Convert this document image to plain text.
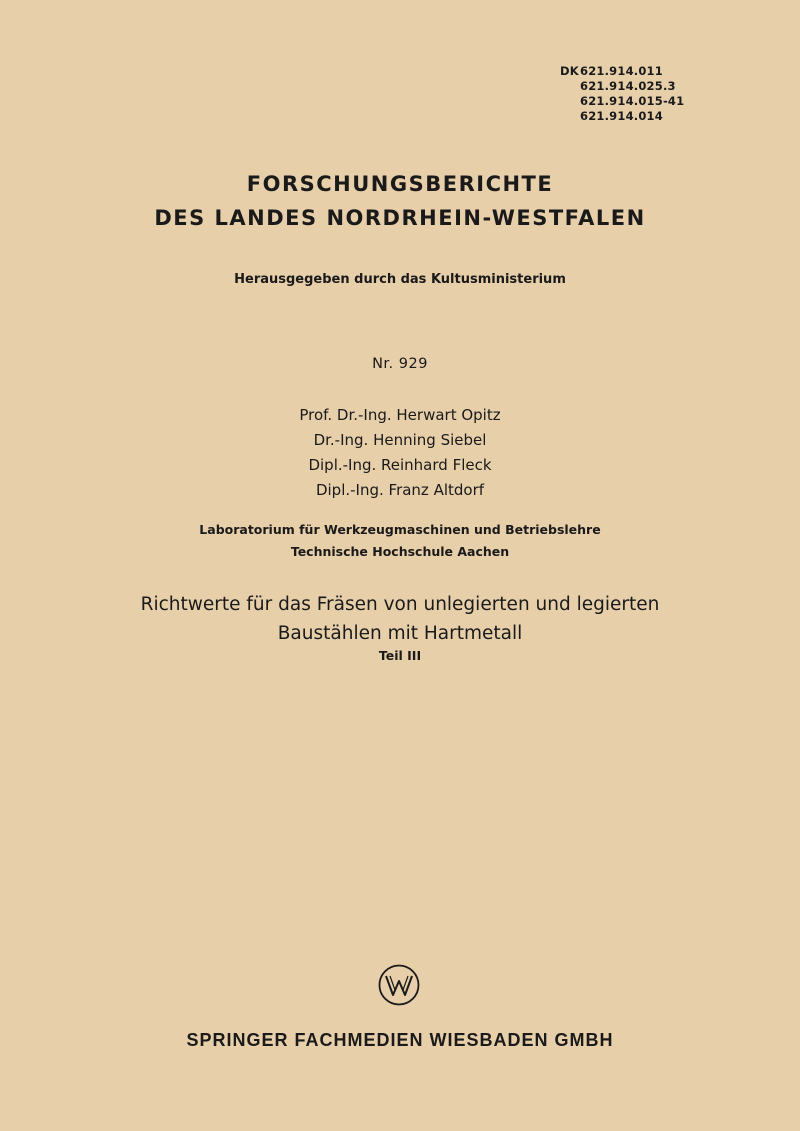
DK621.914.011
621.914.025.3
621.914.015-41
621.914.014
FORSCHUNGSBERICHTE
DES LANDES NORDRHEIN-WESTFALEN
Herausgegeben durch das Kultusministerium
Nr. 929
Prof. Dr.-Ing. Herwart Opitz
Dr.-Ing. Henning Siebel
Dipl.-Ing. Reinhard Fleck
Dipl.-Ing. Franz Altdorf
Laboratorium für Werkzeugmaschinen und Betriebslehre
Technische Hochschule Aachen
Richtwerte für das Fräsen von unlegierten und legierten
Baustählen mit Hartmetall
Teil III
SPRINGER FACHMEDIEN WIESBADEN GMBH
